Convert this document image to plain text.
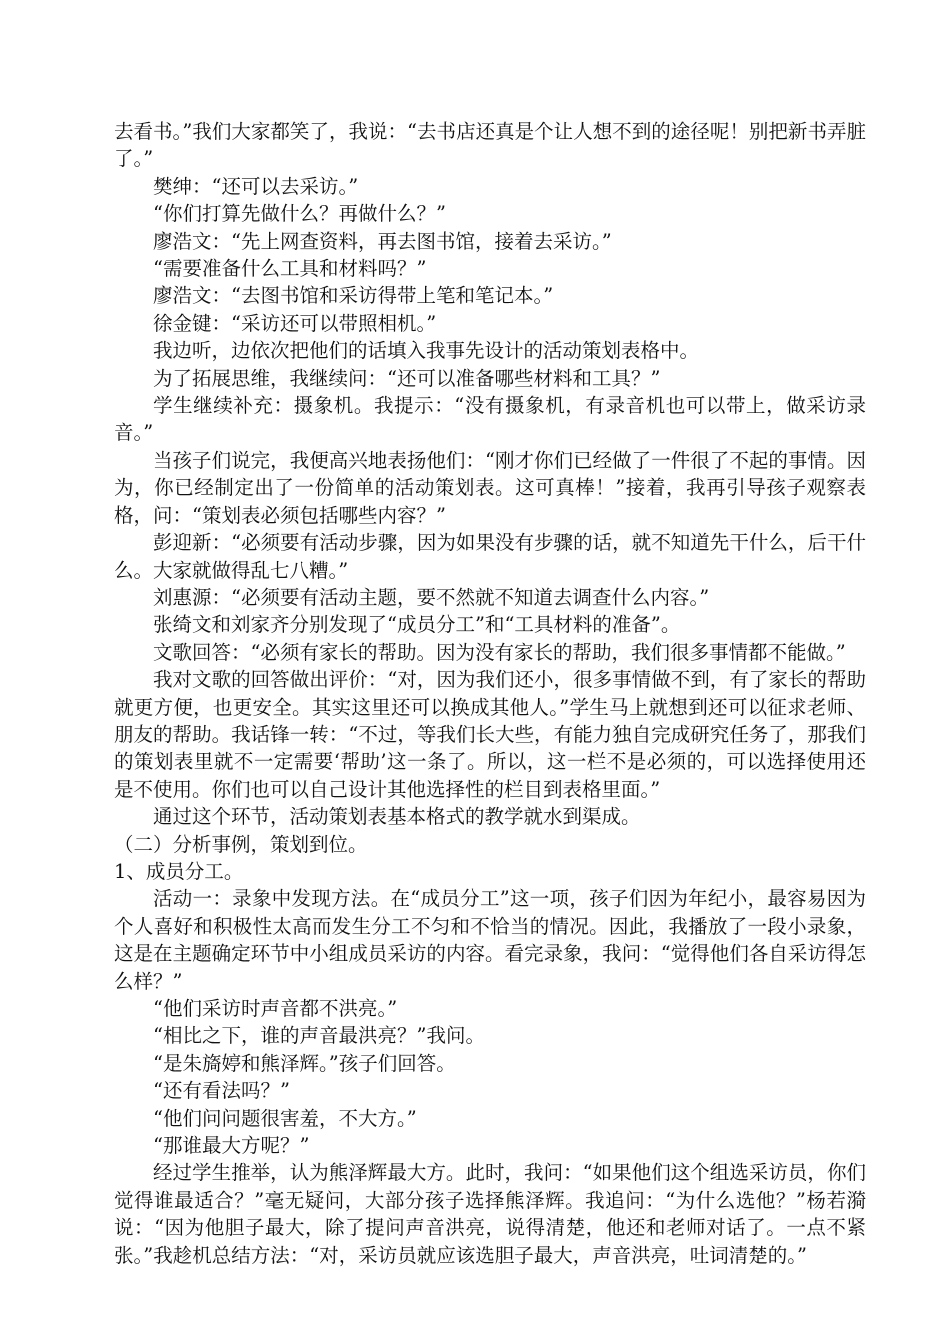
去看书。”我们大家都笑了，我说：“去书店还真是个让人想不到的途径呢！别把新书弄脏了。”

樊绅：“还可以去采访。”

“你们打算先做什么？再做什么？”

廖浩文：“先上网查资料，再去图书馆，接着去采访。”

“需要准备什么工具和材料吗？”

廖浩文：“去图书馆和采访得带上笔和笔记本。”

徐金键：“采访还可以带照相机。”

我边听，边依次把他们的话填入我事先设计的活动策划表格中。

为了拓展思维，我继续问：“还可以准备哪些材料和工具？”

学生继续补充：摄象机。我提示：“没有摄象机，有录音机也可以带上，做采访录音。”

当孩子们说完，我便高兴地表扬他们：“刚才你们已经做了一件很了不起的事情。因为，你已经制定出了一份简单的活动策划表。这可真棒！”接着，我再引导孩子观察表格，问：“策划表必须包括哪些内容？”

彭迎新：“必须要有活动步骤，因为如果没有步骤的话，就不知道先干什么，后干什么。大家就做得乱七八糟。”

刘惠源：“必须要有活动主题，要不然就不知道去调查什么内容。”

张绮文和刘家齐分别发现了“成员分工”和“工具材料的准备”。

文歌回答：“必须有家长的帮助。因为没有家长的帮助，我们很多事情都不能做。”

我对文歌的回答做出评价：“对，因为我们还小，很多事情做不到，有了家长的帮助就更方便，也更安全。其实这里还可以换成其他人。”学生马上就想到还可以征求老师、朋友的帮助。我话锋一转：“不过，等我们长大些，有能力独自完成研究任务了，那我们的策划表里就不一定需要‘帮助’这一条了。所以，这一栏不是必须的，可以选择使用还是不使用。你们也可以自己设计其他选择性的栏目到表格里面。”

通过这个环节，活动策划表基本格式的教学就水到渠成。

（二）分析事例，策划到位。

1、成员分工。

活动一：录象中发现方法。在“成员分工”这一项，孩子们因为年纪小，最容易因为个人喜好和积极性太高而发生分工不匀和不恰当的情况。因此，我播放了一段小录象，这是在主题确定环节中小组成员采访的内容。看完录象，我问：“觉得他们各自采访得怎么样？”

“他们采访时声音都不洪亮。”

“相比之下，谁的声音最洪亮？”我问。

“是朱旖婷和熊泽辉。”孩子们回答。

“还有看法吗？”

“他们问问题很害羞，不大方。”

“那谁最大方呢？”

经过学生推举，认为熊泽辉最大方。此时，我问：“如果他们这个组选采访员，你们觉得谁最适合？”毫无疑问，大部分孩子选择熊泽辉。我追问：“为什么选他？”杨若漪说：“因为他胆子最大，除了提问声音洪亮，说得清楚，他还和老师对话了。一点不紧张。”我趁机总结方法：“对，采访员就应该选胆子最大，声音洪亮，吐词清楚的。”
